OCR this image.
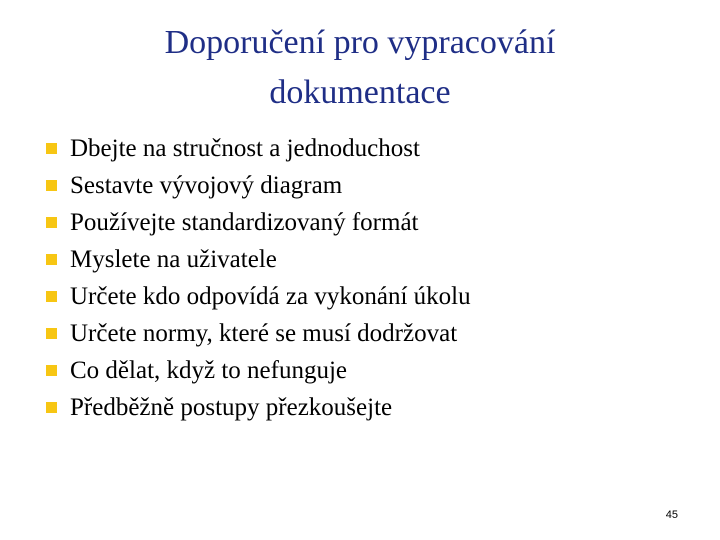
Doporučení pro vypracování
dokumentace
Dbejte na stručnost a jednoduchost
Sestavte vývojový diagram
Používejte standardizovaný formát
Myslete na uživatele
Určete kdo odpovídá za vykonání úkolu
Určete normy, které se musí dodržovat
Co dělat, když to nefunguje
Předběžně postupy přezkoušejte
45
